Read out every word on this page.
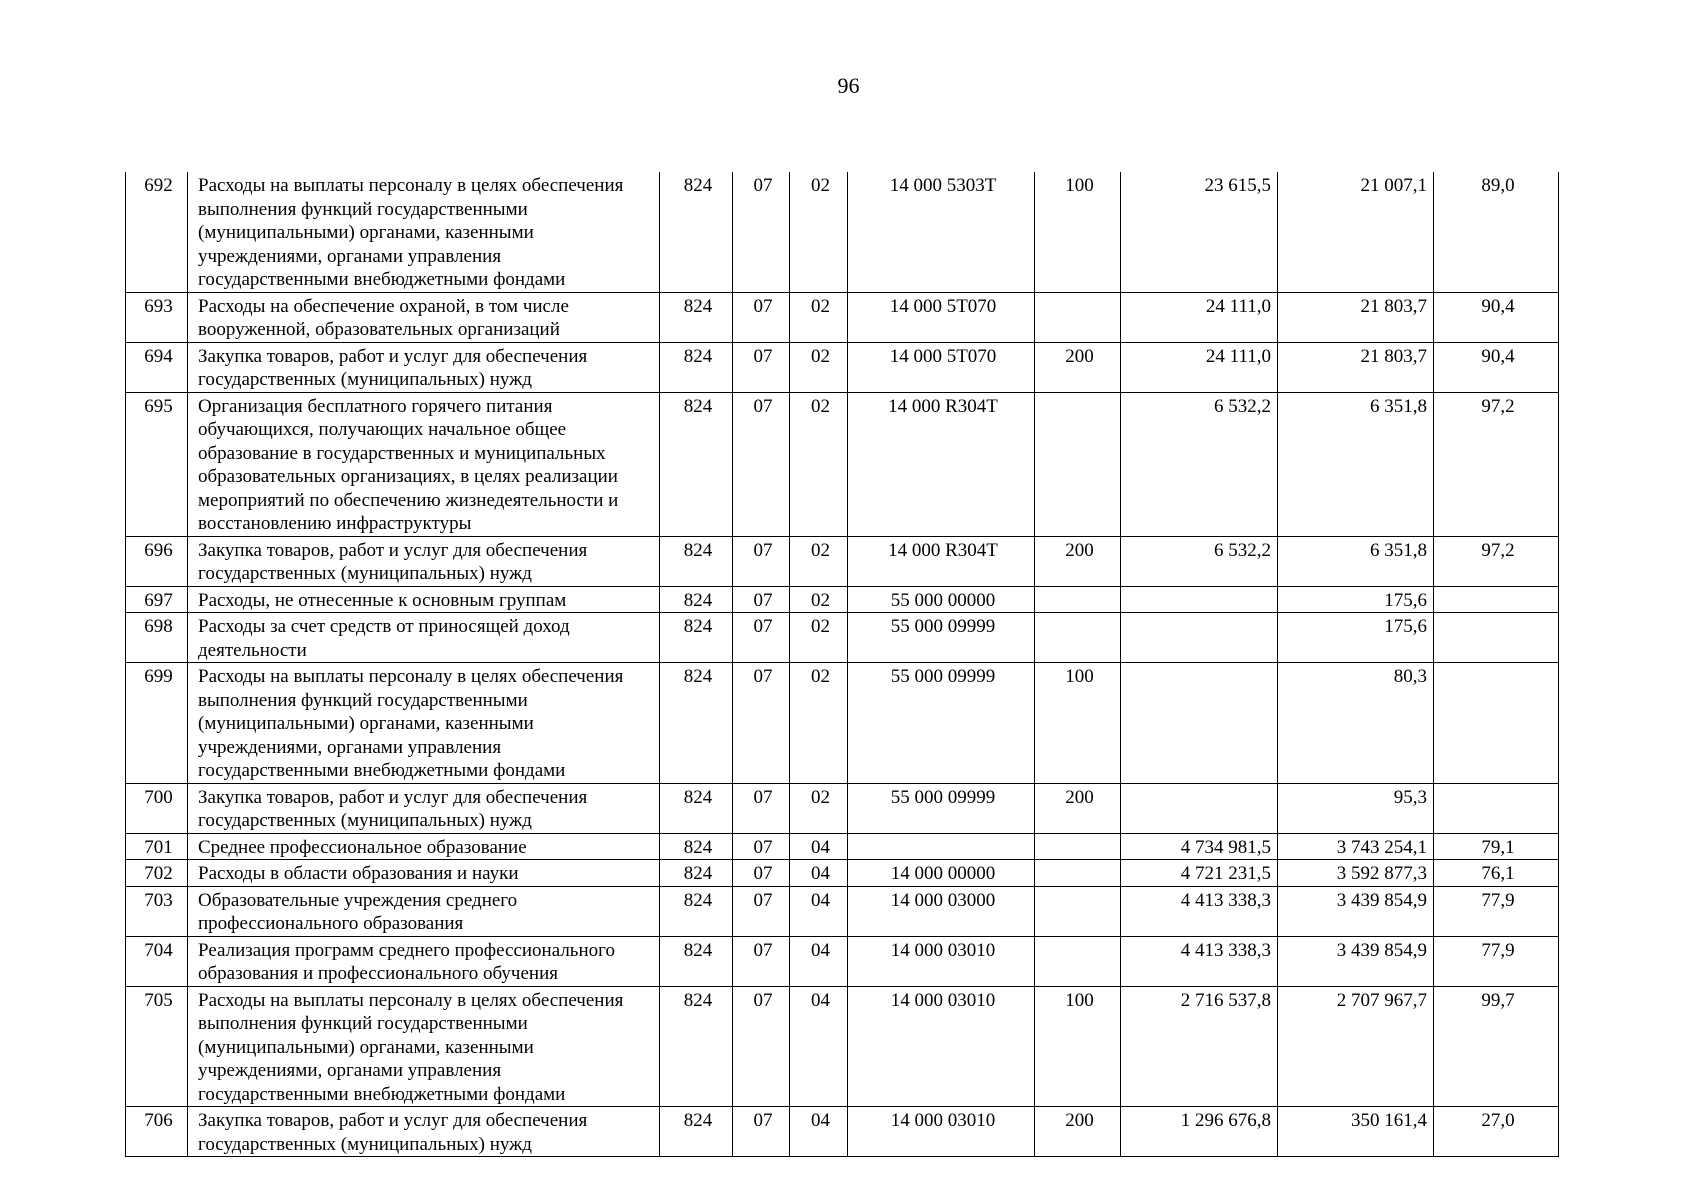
96
692	Расходы на выплаты персоналу в целях обеспечения выполнения функций государственными (муниципальными) органами, казенными учреждениями, органами управления государственными внебюджетными фондами	824	07	02	14 000 5303Т	100	23 615,5	21 007,1	89,0
693	Расходы на обеспечение охраной, в том числе вооруженной, образовательных организаций	824	07	02	14 000 5Т070		24 111,0	21 803,7	90,4
694	Закупка товаров, работ и услуг для обеспечения государственных (муниципальных) нужд	824	07	02	14 000 5Т070	200	24 111,0	21 803,7	90,4
695	Организация бесплатного горячего питания обучающихся, получающих начальное общее образование в государственных и муниципальных образовательных организациях, в целях реализации мероприятий по обеспечению жизнедеятельности и восстановлению инфраструктуры	824	07	02	14 000 R304Т		6 532,2	6 351,8	97,2
696	Закупка товаров, работ и услуг для обеспечения государственных (муниципальных) нужд	824	07	02	14 000 R304Т	200	6 532,2	6 351,8	97,2
697	Расходы, не отнесенные к основным группам	824	07	02	55 000 00000			175,6	
698	Расходы за счет средств от приносящей доход деятельности	824	07	02	55 000 09999			175,6	
699	Расходы на выплаты персоналу в целях обеспечения выполнения функций государственными (муниципальными) органами, казенными учреждениями, органами управления государственными внебюджетными фондами	824	07	02	55 000 09999	100		80,3	
700	Закупка товаров, работ и услуг для обеспечения государственных (муниципальных) нужд	824	07	02	55 000 09999	200		95,3	
701	Среднее профессиональное образование	824	07	04			4 734 981,5	3 743 254,1	79,1
702	Расходы в области образования и науки	824	07	04	14 000 00000		4 721 231,5	3 592 877,3	76,1
703	Образовательные учреждения среднего профессионального образования	824	07	04	14 000 03000		4 413 338,3	3 439 854,9	77,9
704	Реализация программ среднего профессионального образования и профессионального обучения	824	07	04	14 000 03010		4 413 338,3	3 439 854,9	77,9
705	Расходы на выплаты персоналу в целях обеспечения выполнения функций государственными (муниципальными) органами, казенными учреждениями, органами управления государственными внебюджетными фондами	824	07	04	14 000 03010	100	2 716 537,8	2 707 967,7	99,7
706	Закупка товаров, работ и услуг для обеспечения государственных (муниципальных) нужд	824	07	04	14 000 03010	200	1 296 676,8	350 161,4	27,0
